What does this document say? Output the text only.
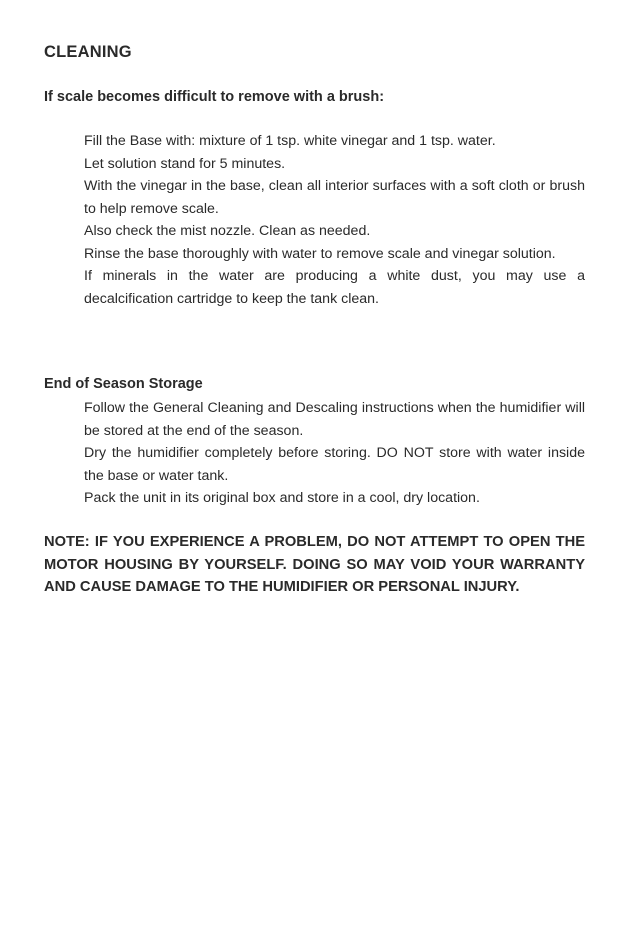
CLEANING
If scale becomes difficult to remove with a brush:
Fill the Base with: mixture of 1 tsp. white vinegar and 1 tsp. water.
Let solution stand for 5 minutes.
With the vinegar in the base, clean all interior surfaces with a soft cloth or brush to help remove scale.
Also check the mist nozzle. Clean as needed.
Rinse the base thoroughly with water to remove scale and vinegar solution.
If minerals in the water are producing a white dust, you may use a decalcification cartridge to keep the tank clean.
End of Season Storage
Follow the General Cleaning and Descaling instructions when the humidifier will be stored at the end of the season.
Dry the humidifier completely before storing. DO NOT store with water inside the base or water tank.
Pack the unit in its original box and store in a cool, dry location.

NOTE: IF YOU EXPERIENCE A PROBLEM, DO NOT ATTEMPT TO OPEN THE MOTOR HOUSING BY YOURSELF. DOING SO MAY VOID YOUR WARRANTY AND CAUSE DAMAGE TO THE HUMIDIFIER OR PERSONAL INJURY.
